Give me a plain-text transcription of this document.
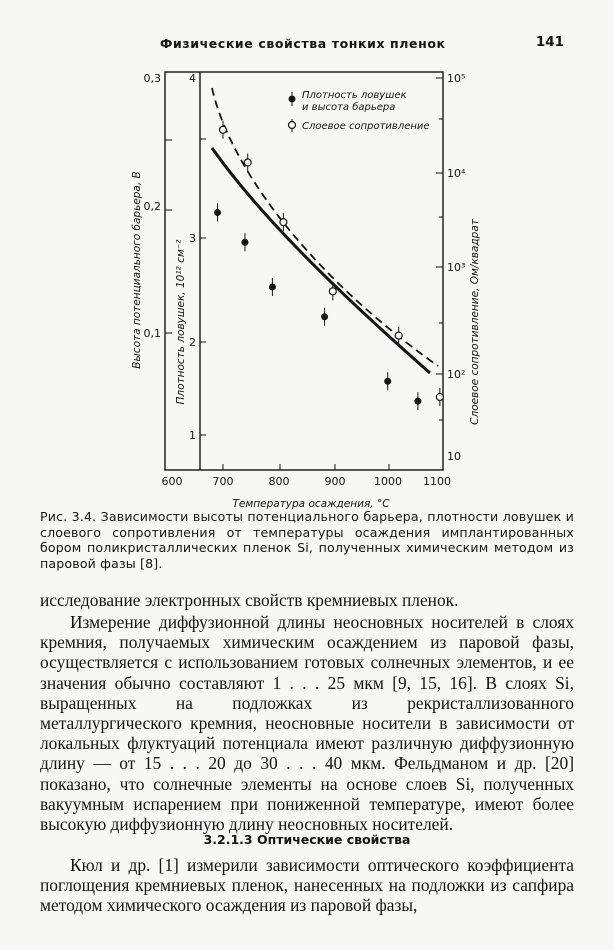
Физические свойства тонких пленок	141
600	700	800	900	1000 1100
Температура осаждения, °С
0,3
0,2
0,1
Высота потенциального барьера, В
4
3
2
1
Плотность ловушек, 10¹² см⁻²
10⁵
10⁴
10³
10²
10
Слоевое сопротивление, Ом/квадрат
Плотность ловушек
и высота барьера
Слоевое сопротивление
Рис. 3.4. Зависимости высоты потенциального барьера, плотности ловушек и слоевого сопротивления от температуры осаждения имплантированных бором поликристаллических пленок Si, полученных химическим методом из паровой фазы [8].
исследование электронных свойств кремниевых пленок.
Измерение диффузионной длины неосновных носителей в слоях кремния, получаемых химическим осаждением из паровой фазы, осуществляется с использованием готовых солнечных элементов, и ее значения обычно составляют 1 . . . 25 мкм [9, 15, 16]. В слоях Si, выращенных на подложках из рекристаллизованного металлургического кремния, неосновные носители в зависимости от локальных флуктуаций потенциала имеют различную диффузионную длину — от 15 . . . 20 до 30 . . . 40 мкм. Фельдманом и др. [20] показано, что солнечные элементы на основе слоев Si, полученных вакуумным испарением при пониженной температуре, имеют более высокую диффузионную длину неосновных носителей.
3.2.1.3 Оптические свойства
Кюл и др. [1] измерили зависимости оптического коэффициента поглощения кремниевых пленок, нанесенных на подложки из сапфира методом химического осаждения из паровой фазы,
